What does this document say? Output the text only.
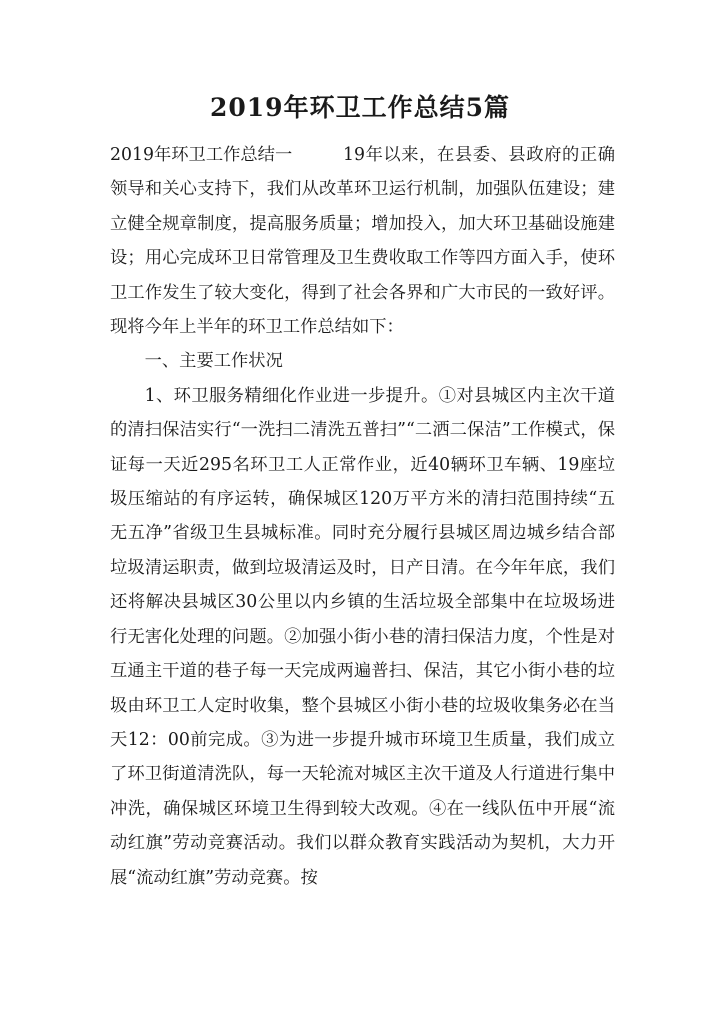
2019年环卫工作总结5篇

2019年环卫工作总结一	19年以来，在县委、县政府的正确领导和关心支持下，我们从改革环卫运行机制，加强队伍建设；建立健全规章制度，提高服务质量；增加投入，加大环卫基础设施建设；用心完成环卫日常管理及卫生费收取工作等四方面入手，使环卫工作发生了较大变化，得到了社会各界和广大市民的一致好评。现将今年上半年的环卫工作总结如下：

一、主要工作状况

1、环卫服务精细化作业进一步提升。①对县城区内主次干道的清扫保洁实行“一洗扫二清洗五普扫”“二洒二保洁”工作模式，保证每一天近295名环卫工人正常作业，近40辆环卫车辆、19座垃圾压缩站的有序运转，确保城区120万平方米的清扫范围持续“五无五净”省级卫生县城标准。同时充分履行县城区周边城乡结合部垃圾清运职责，做到垃圾清运及时，日产日清。在今年年底，我们还将解决县城区30公里以内乡镇的生活垃圾全部集中在垃圾场进行无害化处理的问题。②加强小街小巷的清扫保洁力度，个性是对互通主干道的巷子每一天完成两遍普扫、保洁，其它小街小巷的垃圾由环卫工人定时收集，整个县城区小街小巷的垃圾收集务必在当天12：00前完成。③为进一步提升城市环境卫生质量，我们成立了环卫街道清洗队，每一天轮流对城区主次干道及人行道进行集中冲洗，确保城区环境卫生得到较大改观。④在一线队伍中开展“流动红旗”劳动竞赛活动。我们以群众教育实践活动为契机，大力开展“流动红旗”劳动竞赛。按
